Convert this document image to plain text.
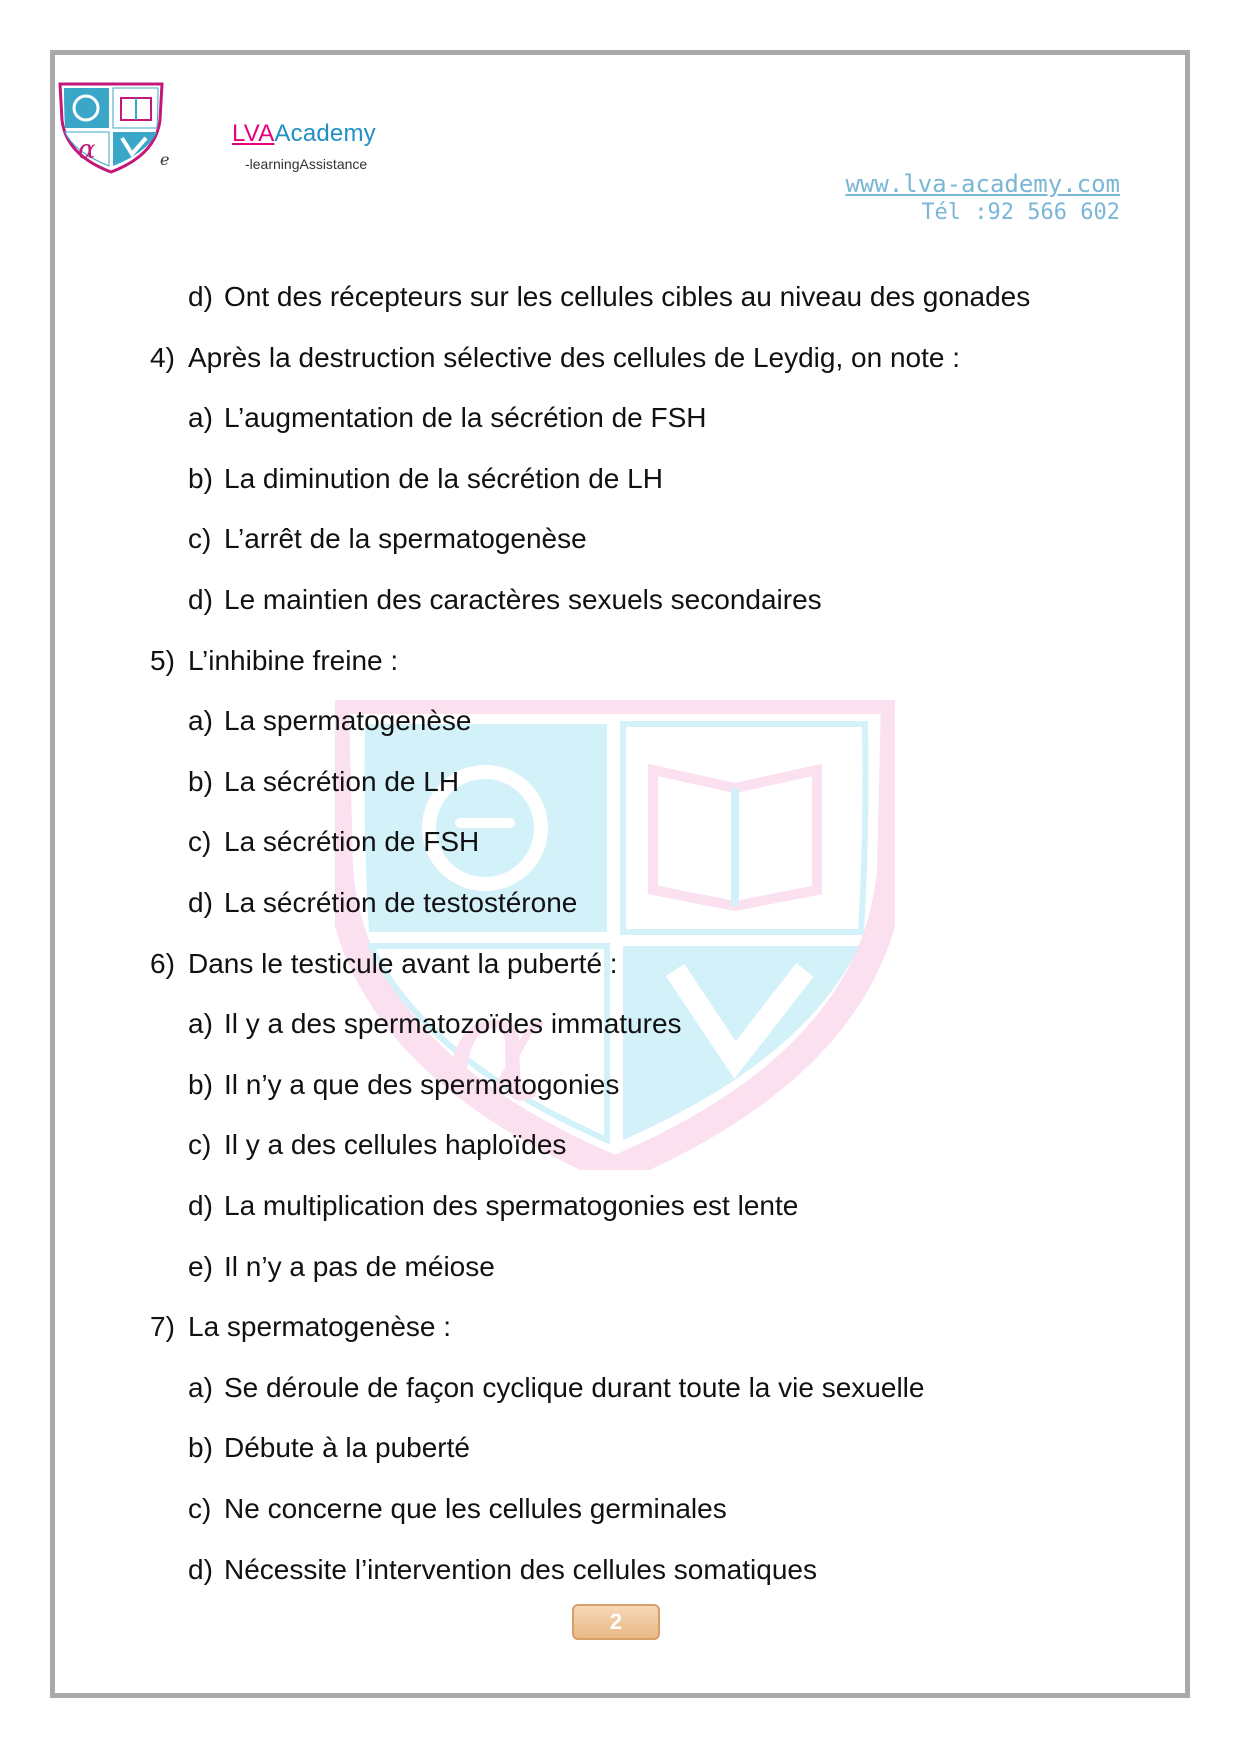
α	e
LVAAcademy
-learningAssistance
www.lva-academy.com
Tél :92 566 602
α
d) Ont des récepteurs sur les cellules cibles au niveau des gonades
4) Après la destruction sélective des cellules de Leydig, on note :
a) L’augmentation de la sécrétion de FSH
b) La diminution de la sécrétion de LH
c) L’arrêt de la spermatogenèse
d) Le maintien des caractères sexuels secondaires
5) L’inhibine freine :
a) La spermatogenèse
b) La sécrétion de LH
c) La sécrétion de FSH
d) La sécrétion de testostérone
6) Dans le testicule avant la puberté :
a) Il y a des spermatozoïdes immatures
b) Il n’y a que des spermatogonies
c) Il y a des cellules haploïdes
d) La multiplication des spermatogonies est lente
e) Il n’y a pas de méiose
7) La spermatogenèse :
a) Se déroule de façon cyclique durant toute la vie sexuelle
b) Débute à la puberté
c) Ne concerne que les cellules germinales
d) Nécessite l’intervention des cellules somatiques
2
